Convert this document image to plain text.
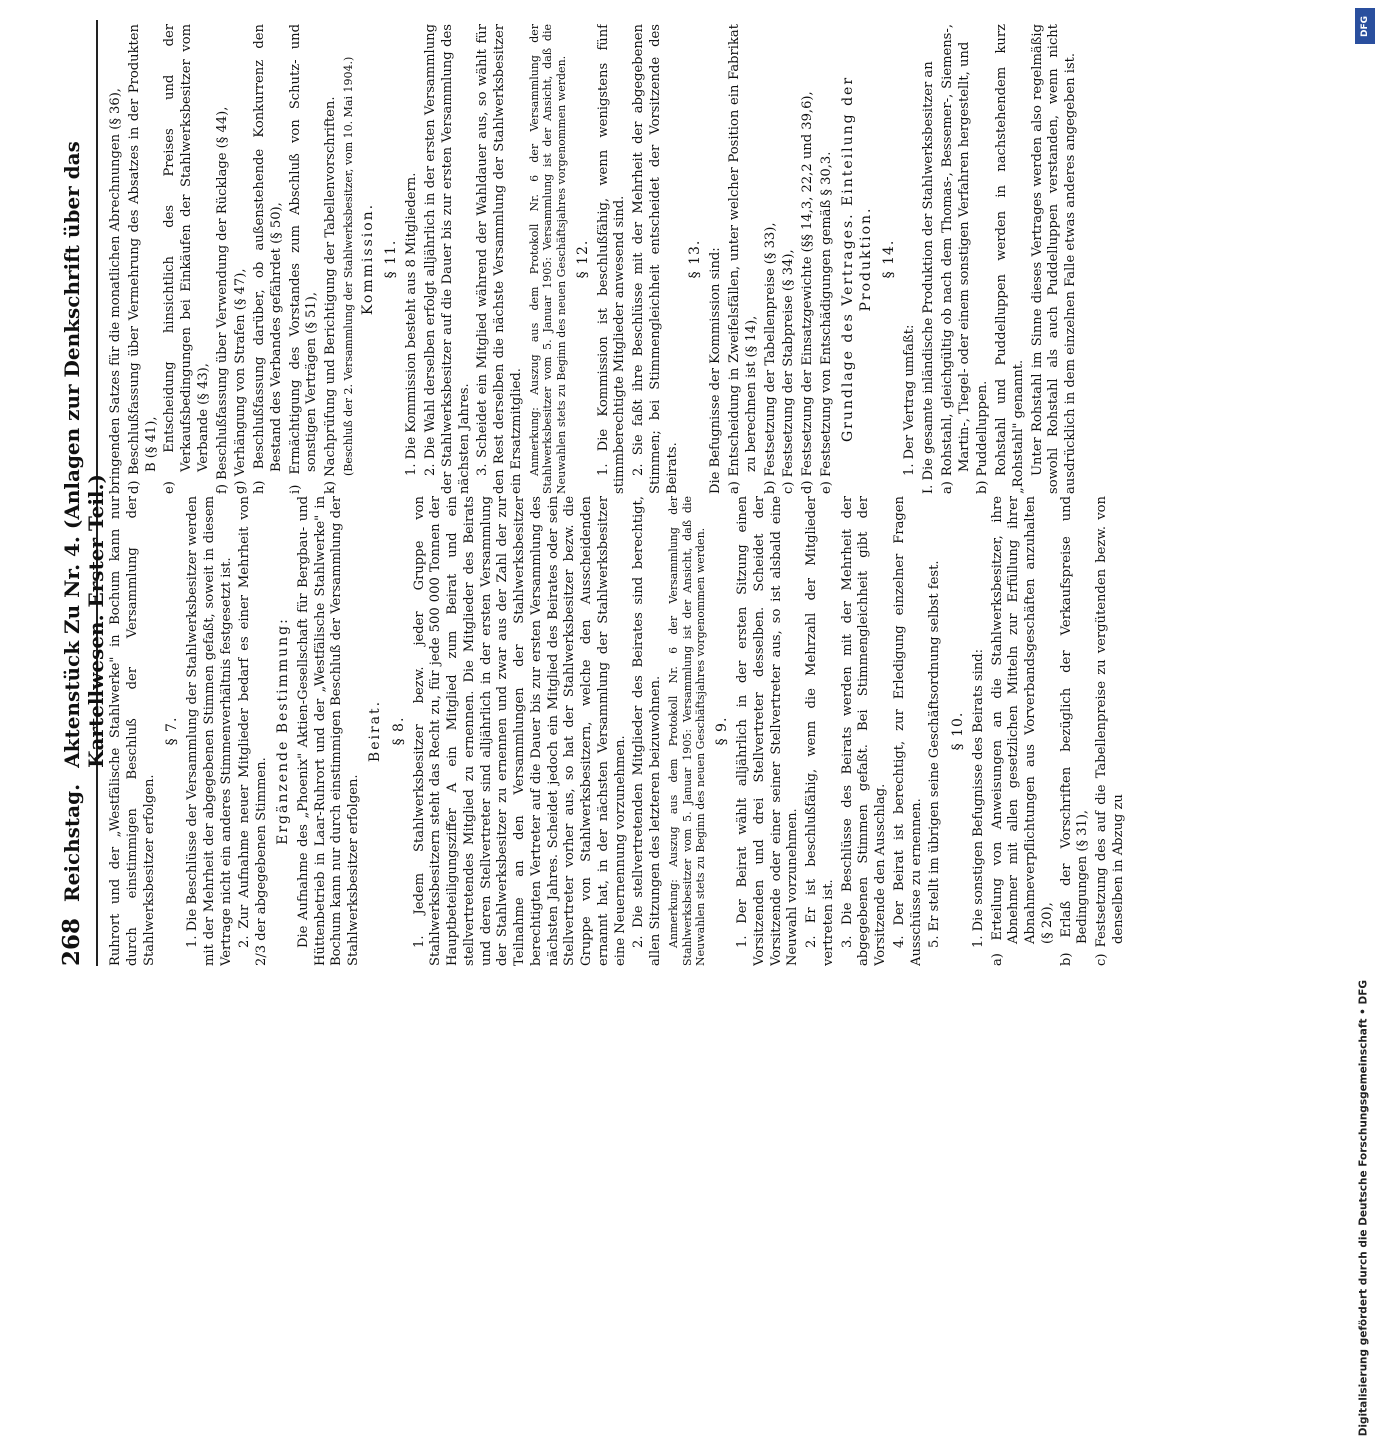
268
Reichstag.
Aktenstück Zu Nr. 4. (Anlagen zur Denkschrift über das Kartellwesen. Erster Teil.) Ruhrort und der „Westfälische Stahlwerke" in Bochum kann nur durch einstimmigen Beschluß der Versammlung der Stahlwerksbesitzer erfolgen.

§ 7. 1. Die Beschlüsse der Versammlung der Stahlwerksbesitzer werden mit der Mehrheit der abgegebenen Stimmen gefaßt, soweit in diesem Vertrage nicht ein anderes Stimmenverhältnis festgesetzt ist. 2. Zur Aufnahme neuer Mitglieder bedarf es einer Mehrheit von 2/3 der abgegebenen Stimmen.

Ergänzende Bestimmung: Die Aufnahme des „Phoenix" Aktien-Gesellschaft für Bergbau- und Hüttenbetrieb in Laar-Ruhrort und der „Westfälische Stahlwerke" in Bochum kann nur durch einstimmigen Beschluß der Versammlung der Stahlwerksbesitzer erfolgen.

Beirat. § 8. 1. Jedem Stahlwerksbesitzer bezw. jeder Gruppe von Stahlwerksbesitzern steht das Recht zu, für jede 500 000 Tonnen der Hauptbeteiligungsziffer A ein Mitglied zum Beirat und ein stellvertretendes Mitglied zu ernennen. Die Mitglieder des Beirats und deren Stellvertreter sind alljährlich in der ersten Versammlung der Stahlwerksbesitzer zu ernennen und zwar aus der Zahl der zur Teilnahme an den Versammlungen der Stahlwerksbesitzer berechtigten Vertreter auf die Dauer bis zur ersten Versammlung des nächsten Jahres. Scheidet jedoch ein Mitglied des Beirates oder sein Stellvertreter vorher aus, so hat der Stahlwerksbesitzer bezw. die Gruppe von Stahlwerksbesitzern, welche den Ausscheidenden ernannt hat, in der nächsten Versammlung der Stahlwerksbesitzer eine Neuernennung vorzunehmen. 2. Die stellvertretenden Mitglieder des Beirates sind berechtigt, allen Sitzungen des letzteren beizuwohnen. Anmerkung: Auszug aus dem Protokoll Nr. 6 der Versammlung der Stahlwerksbesitzer vom 5. Januar 1905: Versammlung ist der Ansicht, daß die Neuwahlen stets zu Beginn des neuen Geschäftsjahres vorgenommen werden. § 9. 1. Der Beirat wählt alljährlich in der ersten Sitzung einen Vorsitzenden und drei Stellvertreter desselben. Scheidet der Vorsitzende oder einer seiner Stellvertreter aus, so ist alsbald eine Neuwahl vorzunehmen. 2. Er ist beschlußfähig, wenn die Mehrzahl der Mitglieder vertreten ist. 3. Die Beschlüsse des Beirats werden mit der Mehrheit der abgegebenen Stimmen gefaßt. Bei Stimmengleichheit gibt der Vorsitzende den Ausschlag. 4. Der Beirat ist berechtigt, zur Erledigung einzelner Fragen Ausschüsse zu ernennen. 5. Er stellt im übrigen seine Geschäftsordnung selbst fest. § 10. 1. Die sonstigen Befugnisse des Beirats sind: a) Erteilung von Anweisungen an die Stahlwerksbesitzer, ihre Abnehmer mit allen gesetzlichen Mitteln zur Erfüllung ihrer Abnahmeverpflichtungen aus Vorverbandsgeschäften anzuhalten (§ 20), b) Erlaß der Vorschriften bezüglich der Verkaufspreise und Bedingungen (§ 31), c) Festsetzung des auf die Tabellenpreise zu vergütenden bezw. von denselben in Abzug zu

bringenden Satzes für die monatlichen Abrechnungen (§ 36), d) Beschlußfassung über Vermehrung des Absatzes in der Produkten B (§ 41), e) Entscheidung hinsichtlich des Preises und der Verkaufsbedingungen bei Einkäufen der Stahlwerksbesitzer vom Verbande (§ 43), f) Beschlußfassung über Verwendung der Rücklage (§ 44), g) Verhängung von Strafen (§ 47), h) Beschlußfassung darüber, ob außenstehende Konkurrenz den Bestand des Verbandes gefährdet (§ 50), i) Ermächtigung des Vorstandes zum Abschluß von Schutz- und sonstigen Verträgen (§ 51), k) Nachprüfung und Berichtigung der Tabellenvorschriften. (Beschluß der 2. Versammlung der Stahlwerksbesitzer, vom 10. Mai 1904.) Kommission. § 11. 1. Die Kommission besteht aus 8 Mitgliedern. 2. Die Wahl derselben erfolgt alljährlich in der ersten Versammlung der Stahlwerksbesitzer auf die Dauer bis zur ersten Versammlung des nächsten Jahres. 3. Scheidet ein Mitglied während der Wahldauer aus, so wählt für den Rest derselben die nächste Versammlung der Stahlwerksbesitzer ein Ersatzmitglied. Anmerkung: Auszug aus dem Protokoll Nr. 6 der Versammlung der Stahlwerksbesitzer vom 5. Januar 1905: Versammlung ist der Ansicht, daß die Neuwahlen stets zu Beginn des neuen Geschäftsjahres vorgenommen werden. § 12. 1. Die Kommission ist beschlußfähig, wenn wenigstens fünf stimmberechtigte Mitglieder anwesend sind. 2. Sie faßt ihre Beschlüsse mit der Mehrheit der abgegebenen Stimmen; bei Stimmengleichheit entscheidet der Vorsitzende des Beirats.

§ 13. Die Befugnisse der Kommission sind: a) Entscheidung in Zweifelsfällen, unter welcher Position ein Fabrikat zu berechnen ist (§ 14), b) Festsetzung der Tabellenpreise (§ 33), c) Festsetzung der Stabpreise (§ 34), d) Festsetzung der Einsatzgewichte (§§ 14,3, 22,2 und 39,6), e) Festsetzung von Entschädigungen gemäß § 30,3. Grundlage des Vertrages. Einteilung der Produktion. § 14.

1. Der Vertrag umfaßt: I. Die gesamte inländische Produktion der Stahlwerksbesitzer an a) Rohstahl, gleichgültig ob nach dem Thomas-, Bessemer-, Siemens-, Martin-, Tiegel- oder einem sonstigen Verfahren hergestellt, und b) Puddelluppen. Rohstahl und Puddelluppen werden in nachstehendem kurz „Rohstahl" genannt. Unter Rohstahl im Sinne dieses Vertrages werden also regelmäßig sowohl Rohstahl als auch Puddelluppen verstanden, wenn nicht ausdrücklich in dem einzelnen Falle etwas anderes angegeben ist.

DFG
Digitalisierung gefördert durch die Deutsche Forschungsgemeinschaft • DFG
